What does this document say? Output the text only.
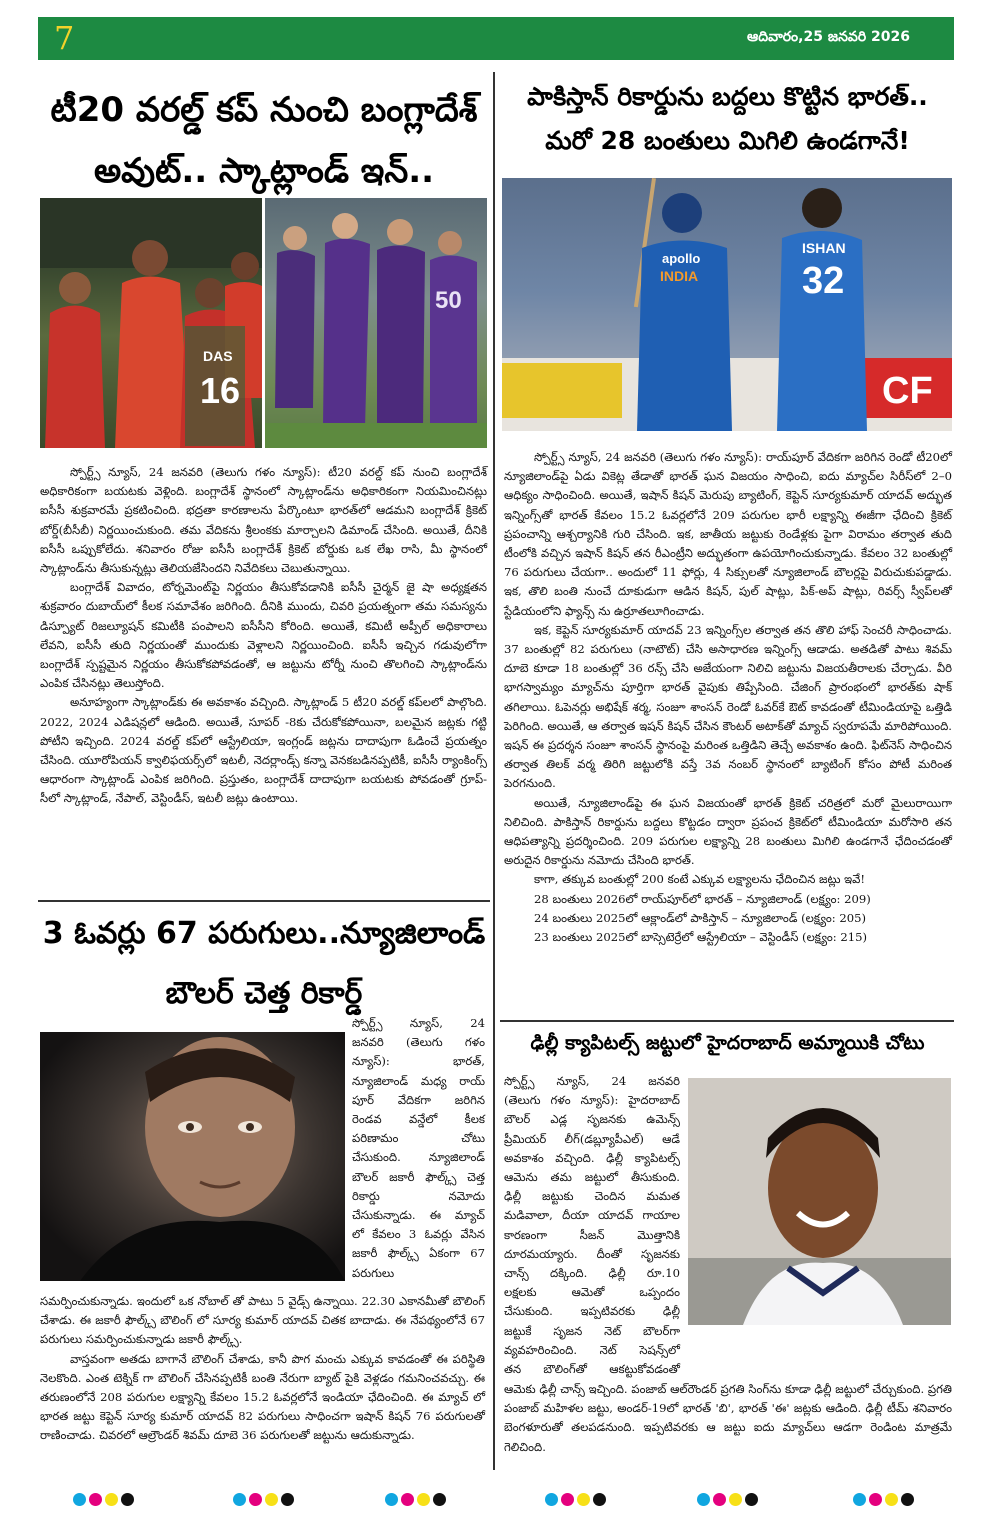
7	ఆదివారం,25 జనవరి 2026
టీ20 వరల్డ్ కప్ నుంచి బంగ్లాదేశ్
అవుట్.. స్కాట్లాండ్ ఇన్..
DAS
16
50

స్పోర్ట్స్ న్యూస్, 24 జనవరి (తెలుగు గళం న్యూస్): టీ20 వరల్డ్ కప్ నుంచి బంగ్లాదేశ్ అధికారికంగా బయటకు వెళ్లింది. బంగ్లాదేశ్ స్థానంలో స్కాట్లాండ్‌ను అధికారికంగా నియమించినట్లు ఐసీసీ శుక్రవారమే ప్రకటించింది. భద్రతా కారణాలను పేర్కొంటూ భారత్‌లో ఆడమని బంగ్లాదేశ్ క్రికెట్ బోర్డ్(బీసీబీ) నిర్ణయించుకుంది. తమ వేదికను శ్రీలంకకు మార్చాలని డిమాండ్ చేసింది. అయితే, దీనికి ఐసీసీ ఒప్పుకోలేదు. శనివారం రోజు ఐసీసీ బంగ్లాదేశ్ క్రికెట్ బోర్డుకు ఒక లేఖ రాసి, మీ స్థానంలో స్కాట్లాండ్‌ను తీసుకున్నట్లు తెలియజేసిందని నివేదికలు చెబుతున్నాయి.

బంగ్లాదేశ్ వివాదం, టోర్నమెంట్‌పై నిర్ణయం తీసుకోవడానికి ఐసీసీ చైర్మన్ జై షా అధ్యక్షతన శుక్రవారం దుబాయ్‌లో కీలక సమావేశం జరిగింది. దీనికి ముందు, చివరి ప్రయత్నంగా తమ సమస్యను డిస్ప్యూట్ రిజల్యూషన్ కమిటీకి పంపాలని ఐసీసీని కోరింది. అయితే, కమిటీ అప్పీల్ అధికారాలు లేవని, ఐసీసీ తుది నిర్ణయంతో ముందుకు వెళ్లాలని నిర్ణయించింది. ఐసీసీ ఇచ్చిన గడువులోగా బంగ్లాదేశ్ స్పష్టమైన నిర్ణయం తీసుకోకపోవడంతో, ఆ జట్టును టోర్నీ నుంచి తొలగించి స్కాట్లాండ్‌ను ఎంపిక చేసినట్లు తెలుస్తోంది.

అనూహ్యంగా స్కాట్లాండ్‌కు ఈ అవకాశం వచ్చింది. స్కాట్లాండ్ 5 టీ20 వరల్డ్ కప్‌లలో పాల్గొంది. 2022, 2024 ఎడిషన్లలో ఆడింది. అయితే, సూపర్ -8కు చేరుకోకపోయినా, బలమైన జట్లకు గట్టి పోటీని ఇచ్చింది. 2024 వరల్డ్ కప్‌లో ఆస్ట్రేలియా, ఇంగ్లండ్ జట్లను దాదాపుగా ఓడించే ప్రయత్నం చేసింది. యూరోపియన్ క్వాలిఫయర్స్‌లో ఇటలీ, నెదర్లాండ్స్ కన్నా వెనకబడినప్పటికీ, ఐసీసీ ర్యాంకింగ్స్ ఆధారంగా స్కాట్లాండ్ ఎంపిక జరిగింది. ప్రస్తుతం, బంగ్లాదేశ్ దాదాపుగా బయటకు పోవడంతో గ్రూప్-సీలో స్కాట్లాండ్, నేపాల్, వెస్టిండీస్, ఇటలీ జట్లు ఉంటాయి.

3 ఓవర్లు 67 పరుగులు..న్యూజిలాండ్
బౌలర్ చెత్త రికార్డ్
స్పోర్ట్స్ న్యూస్, 24
జనవరి (తెలుగు గళం
న్యూస్): భారత్,
న్యూజిలాండ్ మధ్య రాయ్
పూర్ వేదికగా జరిగిన
రెండవ వన్డేలో కీలక
పరిణామం చోటు
చేసుకుంది. న్యూజిలాండ్
బౌలర్ జకారీ ఫౌల్క్స్ చెత్త
రికార్డు నమోదు
చేసుకున్నాడు. ఈ మ్యాచ్
లో కేవలం 3 ఓవర్లు వేసిన
జకారీ ఫౌల్క్స్ ఏకంగా 67
పరుగులు

సమర్పించుకున్నాడు. ఇందులో ఒక నోబాల్ తో పాటు 5 వైడ్స్ ఉన్నాయి. 22.30 ఎకానమీతో బౌలింగ్ చేశాడు. ఈ జకారీ ఫౌల్క్స్ బౌలింగ్ లో సూర్య కుమార్ యాదవ్ చితక బాదాడు. ఈ నేపథ్యంలోనే 67 పరుగులు సమర్పించుకున్నాడు జకారీ ఫౌల్క్స్.

వాస్తవంగా అతడు బాగానే బౌలింగ్ చేశాడు, కానీ పొగ మంచు ఎక్కువ కావడంతో ఈ పరిస్థితి నెలకొంది. ఎంత టెక్నిక్ గా బౌలింగ్ చేసినప్పటికీ బంతి నేరుగా బ్యాట్ పైకి వెళ్లడం గమనించవచ్చు. ఈ తరుణంలోనే 208 పరుగుల లక్ష్యాన్ని కేవలం 15.2 ఓవర్లలోనే ఇండియా ఛేదించింది. ఈ మ్యాచ్ లో భారత జట్టు కెప్టెన్ సూర్య కుమార్ యాదవ్ 82 పరుగులు సాధించగా ఇషాన్ కిషన్ 76 పరుగులతో రాణించాడు. చివరలో ఆల్రౌండర్ శివమ్ దూబె 36 పరుగులతో జట్టును ఆదుకున్నాడు.

పాకిస్తాన్ రికార్డును బద్దలు కొట్టిన భారత్..
మరో 28 బంతులు మిగిలి ఉండగానే!
CF
apollo
INDIA
ISHAN
32

స్పోర్ట్స్ న్యూస్, 24 జనవరి (తెలుగు గళం న్యూస్): రాయ్‌పూర్ వేదికగా జరిగిన రెండో టీ20లో న్యూజిలాండ్‌పై ఏడు వికెట్ల తేడాతో భారత్ ఘన విజయం సాధించి, ఐదు మ్యాచ్‌ల సిరీస్‌లో 2–0 ఆధిక్యం సాధించింది. అయితే, ఇషాన్ కిషన్ మెరుపు బ్యాటింగ్, కెప్టెన్ సూర్యకుమార్ యాదవ్ అద్భుత ఇన్నింగ్స్‌తో భారత్ కేవలం 15.2 ఓవర్లలోనే 209 పరుగుల భారీ లక్ష్యాన్ని ఈజీగా ఛేదించి క్రికెట్ ప్రపంచాన్ని ఆశ్చర్యానికి గురి చేసింది. ఇక, జాతీయ జట్టుకు రెండేళ్లకు పైగా విరామం తర్వాత తుది టీంలోకి వచ్చిన ఇషాన్ కిషన్ తన రీఎంట్రీని అద్భుతంగా ఉపయోగించుకున్నాడు. కేవలం 32 బంతుల్లో 76 పరుగులు చేయగా.. అందులో 11 ఫోర్లు, 4 సిక్సులతో న్యూజిలాండ్ బౌలర్లపై విరుచుకుపడ్డాడు. ఇక, తొలి బంతి నుంచే దూకుడుగా ఆడిన కిషన్, పుల్ షాట్లు, పిక్-అప్ షాట్లు, రివర్స్ స్వీప్‌లతో స్టేడియంలోని ఫ్యాన్స్ ను ఉర్రూతలూగించాడు.

ఇక, కెప్టెన్ సూర్యకుమార్ యాదవ్ 23 ఇన్నింగ్స్‌ల తర్వాత తన తొలి హాఫ్ సెంచరీ సాధించాడు. 37 బంతుల్లో 82 పరుగులు (నాటౌట్) చేసి అసాధారణ ఇన్నింగ్స్ ఆడాడు. అతడితో పాటు శివమ్ దూబె కూడా 18 బంతుల్లో 36 రన్స్ చేసి అజేయంగా నిలిచి జట్టును విజయతీరాలకు చేర్చాడు. వీరి భాగస్వామ్యం మ్యాచ్‌ను పూర్తిగా భారత్ వైపుకు తిప్పేసింది. చేజింగ్ ప్రారంభంలో భారత్‌కు షాక్ తగిలాయి. ఓపెనర్లు అభిషేక్ శర్మ, సంజూ శాంసన్ రెండో ఓవర్‌కే ఔట్ కావడంతో టీమిండియాపై ఒత్తిడి పెరిగింది. అయితే, ఆ తర్వాత ఇషన్ కిషన్ చేసిన కౌంటర్ అటాక్‌తో మ్యాచ్ స్వరూపమే మారిపోయింది. ఇషన్ ఈ ప్రదర్శన సంజూ శాంసన్ స్థానంపై మరింత ఒత్తిడిని తెచ్చే అవకాశం ఉంది. ఫిట్‌నెస్ సాధించిన తర్వాత తిలక్ వర్మ తిరిగి జట్టులోకి వస్తే 3వ నంబర్ స్థానంలో బ్యాటింగ్ కోసం పోటీ మరింత పెరగనుంది.

అయితే, న్యూజిలాండ్‌పై ఈ ఘన విజయంతో భారత్ క్రికెట్ చరిత్రలో మరో మైలురాయిగా నిలిచింది. పాకిస్తాన్ రికార్డును బద్దలు కొట్టడం ద్వారా ప్రపంచ క్రికెట్‌లో టీమిండియా మరోసారి తన ఆధిపత్యాన్ని ప్రదర్శించింది. 209 పరుగుల లక్ష్యాన్ని 28 బంతులు మిగిలి ఉండగానే ఛేదించడంతో అరుదైన రికార్డును నమోదు చేసింది భారత్.

కాగా, తక్కువ బంతుల్లో 200 కంటే ఎక్కువ లక్ష్యాలను ఛేదించిన జట్లు ఇవే!

28 బంతులు 2026లో రాయ్‌పూర్‌లో భారత్ – న్యూజిలాండ్ (లక్ష్యం: 209)
24 బంతులు 2025లో ఆక్లాండ్‌లో పాకిస్తాన్ – న్యూజిలాండ్ (లక్ష్యం: 205)
23 బంతులు 2025లో బాస్సెటెర్రేలో ఆస్ట్రేలియా – వెస్టిండీస్ (లక్ష్యం: 215)
ఢిల్లీ క్యాపిటల్స్ జట్టులో హైదరాబాద్ అమ్మాయికి చోటు
స్పోర్ట్స్ న్యూస్, 24 జనవరి
(తెలుగు గళం న్యూస్): హైదరాబాద్
బౌలర్ ఎడ్ల సృజనకు ఉమెన్స్
ప్రీమియర్ లీగ్(డబ్ల్యూపీఎల్) ఆడే
అవకాశం వచ్చింది. ఢిల్లీ క్యాపిటల్స్
ఆమెను తమ జట్టులో తీసుకుంది.
ఢిల్లీ జట్టుకు చెందిన మమత
మడివాలా, దీయా యాదవ్ గాయాల
కారణంగా సీజన్ మొత్తానికి
దూరమయ్యారు. దీంతో సృజనకు
చాన్స్ దక్కింది. ఢిల్లీ రూ.10
లక్షలకు ఆమెతో ఒప్పందం
చేసుకుంది. ఇప్పటివరకు ఢిల్లీ
జట్టుకే సృజన నెట్ బౌలర్‌గా
వ్యవహరించింది. నెట్ సెషన్స్‌లో
తన బౌలింగ్‌తో ఆకట్టుకోవడంతో

ఆమెకు ఢిల్లీ చాన్స్ ఇచ్చింది. పంజాబ్ ఆల్‌రౌండర్ ప్రగతి సింగ్‌ను కూడా ఢిల్లీ జట్టులో చేర్చుకుంది. ప్రగతి పంజాబ్ మహిళల జట్టు, అండర్-19లో భారత్ 'బి', భారత్ 'ఈ' జట్లకు ఆడింది. ఢిల్లీ టీమ్ శనివారం బెంగళూరుతో తలపడనుంది. ఇప్పటివరకు ఆ జట్టు ఐదు మ్యాచ్‌లు ఆడగా రెండింట మాత్రమే గెలిచింది.
